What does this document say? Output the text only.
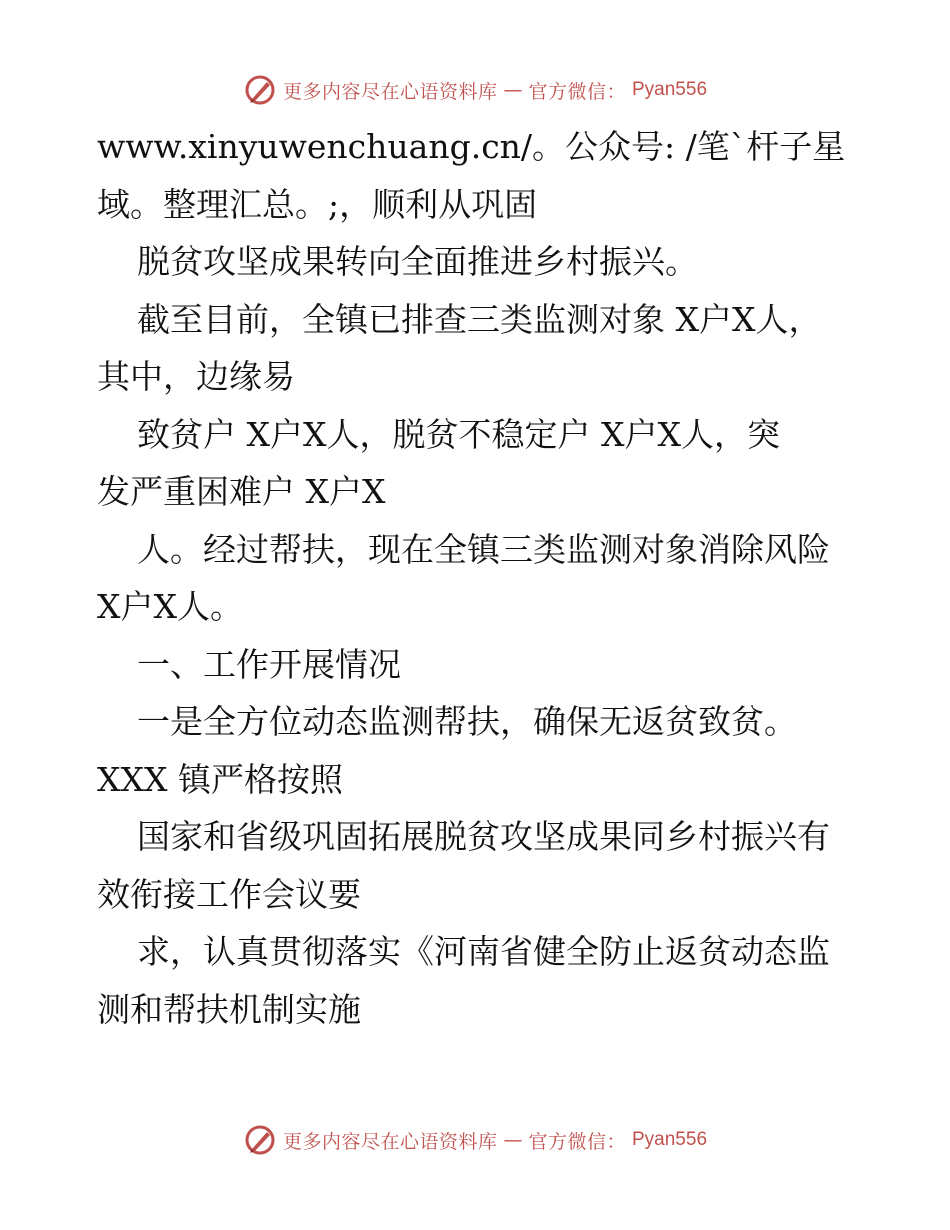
更多内容尽在心语资料库 — 官方微信： Pyan556
www.xinyuwenchuang.cn/。公众号: /笔`杆子星
域。整理汇总。;，顺利从巩固
脱贫攻坚成果转向全面推进乡村振兴。
截至目前，全镇已排查三类监测对象 X户X人，
其中，边缘易
致贫户 X户X人，脱贫不稳定户 X户X人，突
发严重困难户 X户X
人。经过帮扶，现在全镇三类监测对象消除风险
X户X人。
一、工作开展情况
一是全方位动态监测帮扶，确保无返贫致贫。
XXX 镇严格按照
国家和省级巩固拓展脱贫攻坚成果同乡村振兴有
效衔接工作会议要
求，认真贯彻落实《河南省健全防止返贫动态监
测和帮扶机制实施
更多内容尽在心语资料库 — 官方微信： Pyan556
